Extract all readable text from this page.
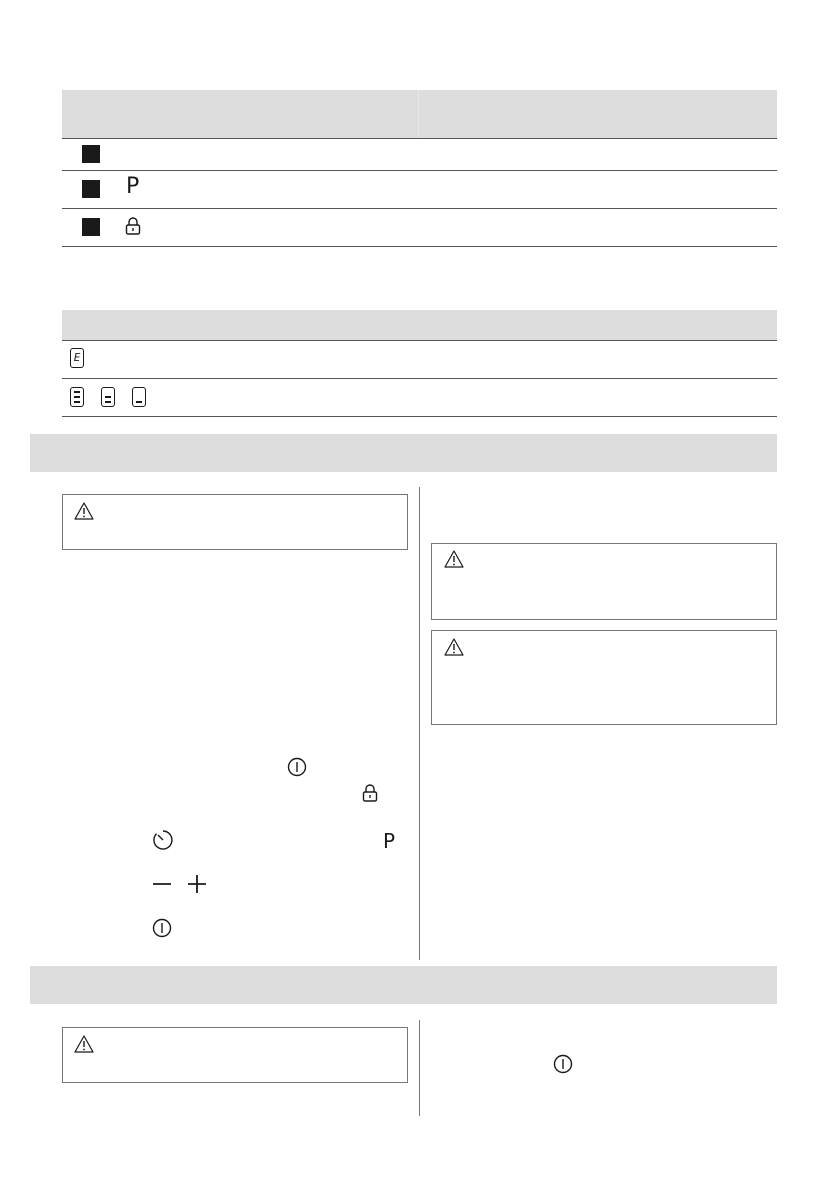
P
E
P
